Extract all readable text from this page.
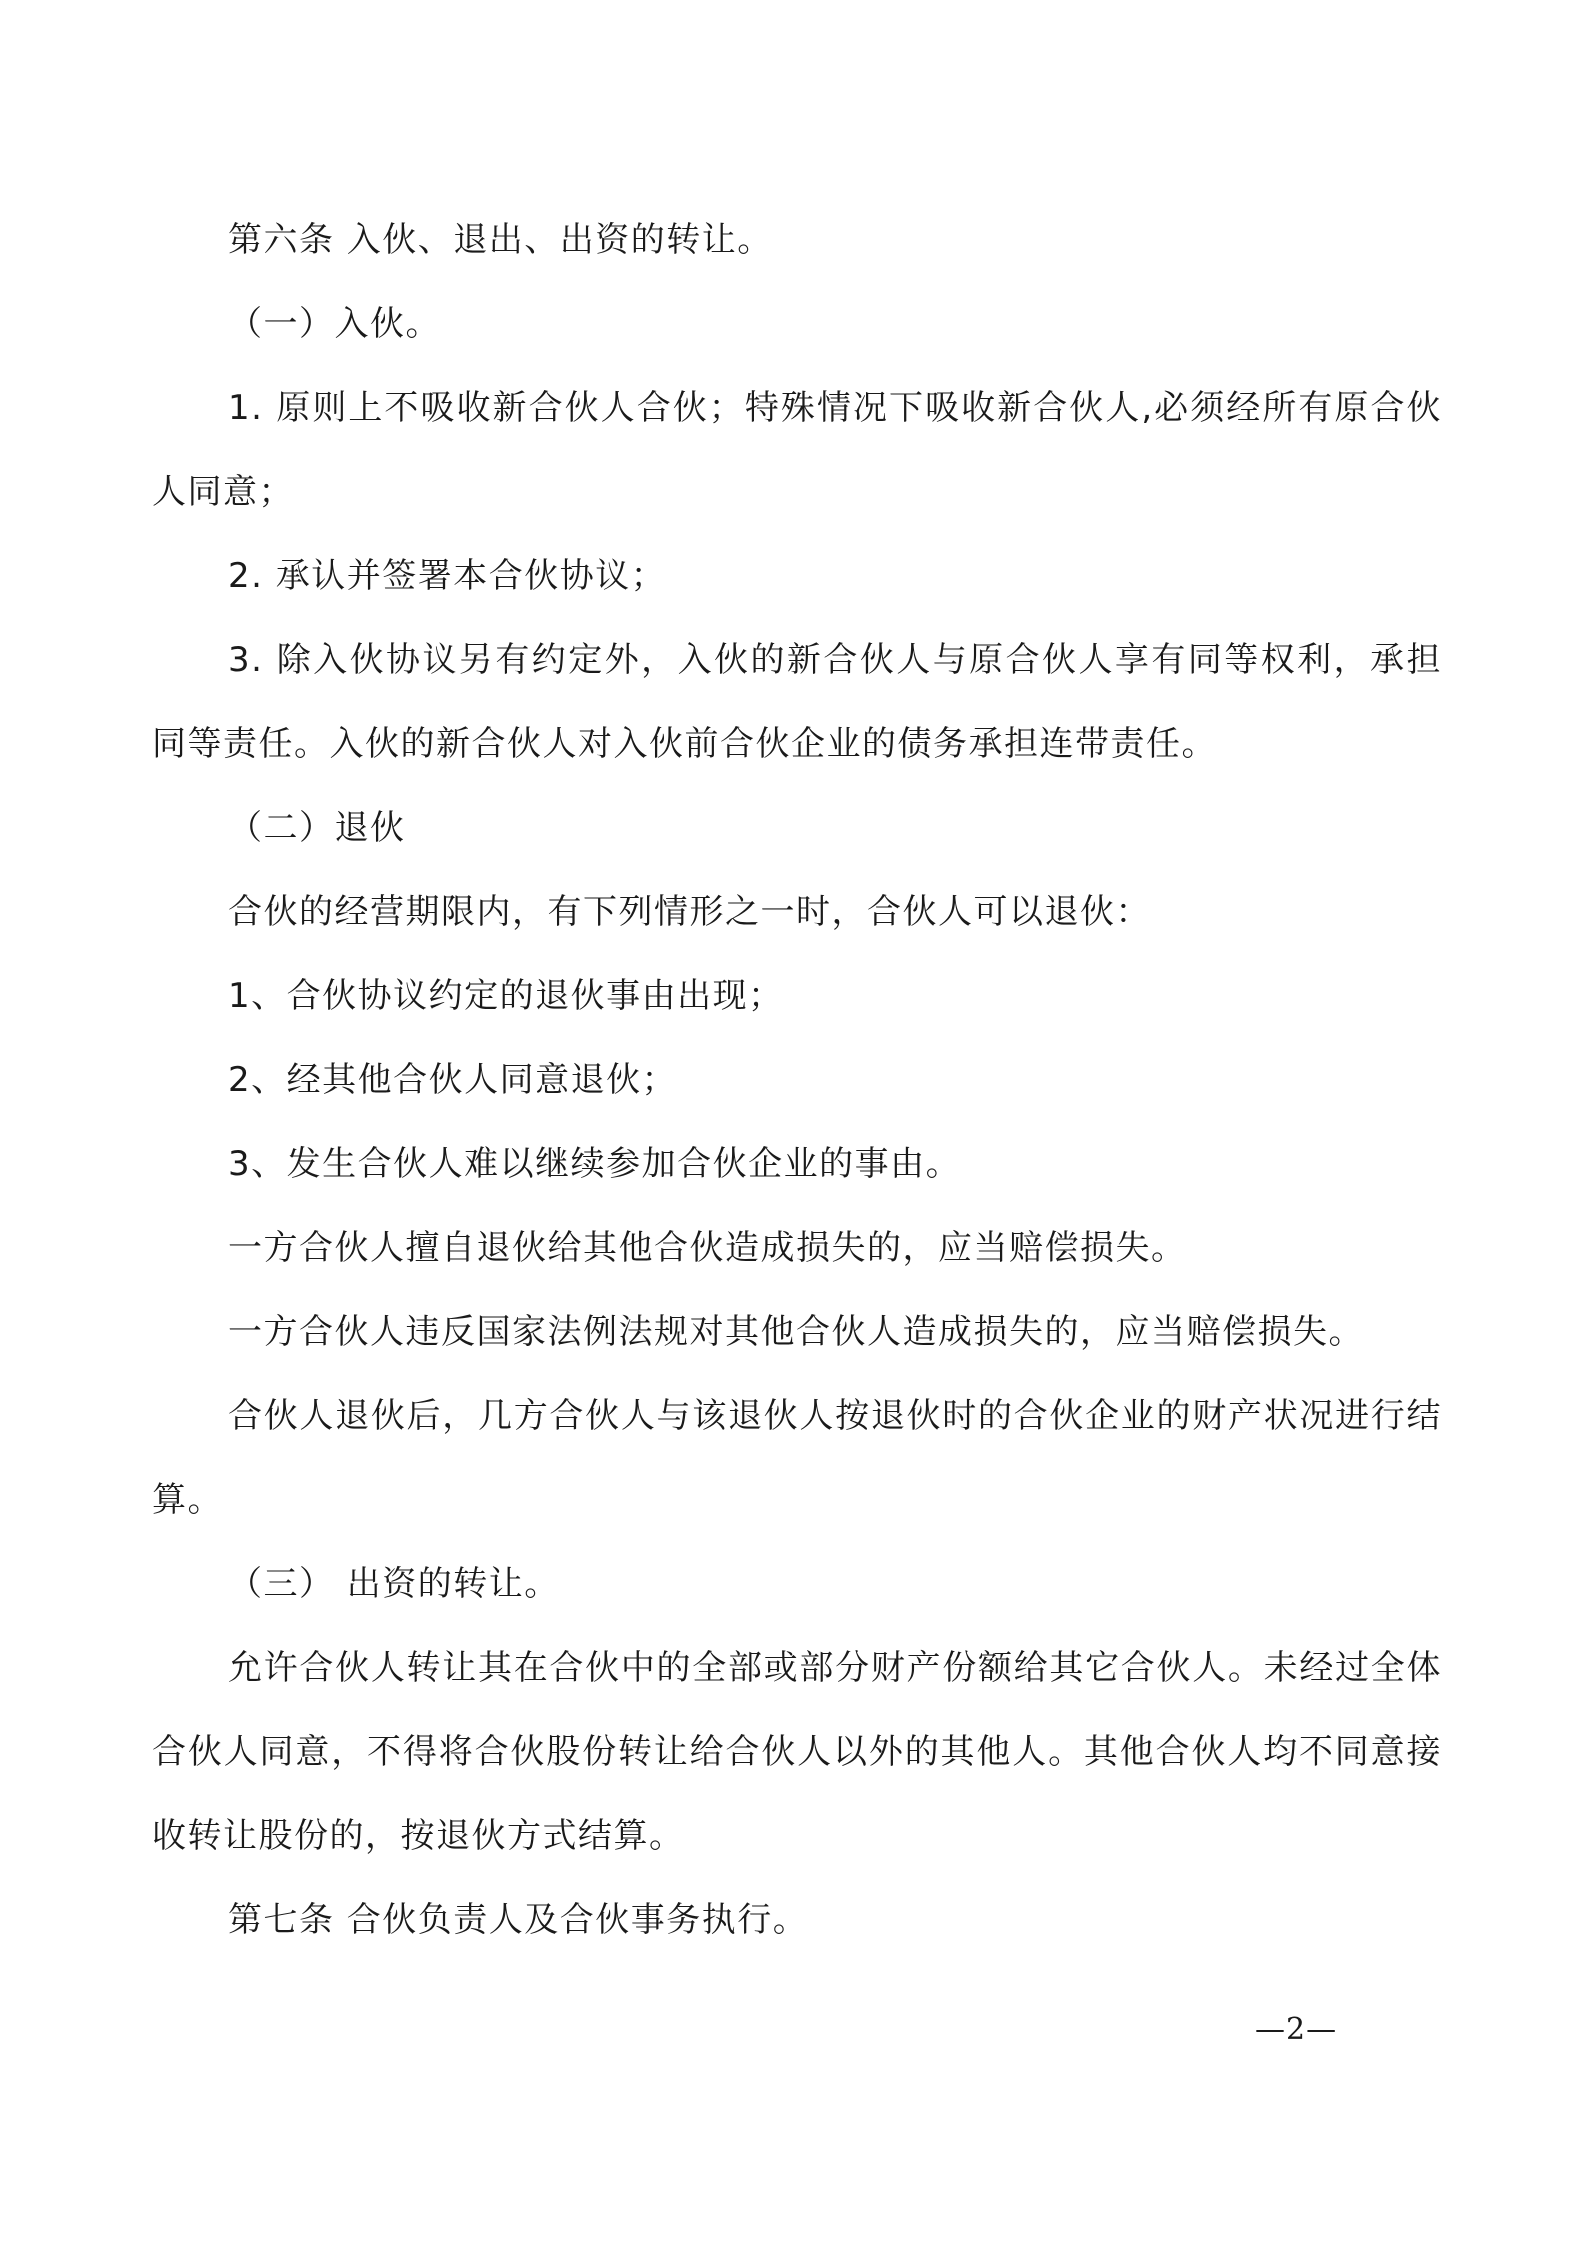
第六条 入伙、退出、出资的转让。

（一）入伙。

1. 原则上不吸收新合伙人合伙；特殊情况下吸收新合伙人,必须经所有原合伙人同意；

2. 承认并签署本合伙协议；

3. 除入伙协议另有约定外，入伙的新合伙人与原合伙人享有同等权利，承担同等责任。入伙的新合伙人对入伙前合伙企业的债务承担连带责任。

（二）退伙

合伙的经营期限内，有下列情形之一时，合伙人可以退伙：

1、合伙协议约定的退伙事由出现；

2、经其他合伙人同意退伙；

3、发生合伙人难以继续参加合伙企业的事由。

一方合伙人擅自退伙给其他合伙造成损失的，应当赔偿损失。

一方合伙人违反国家法例法规对其他合伙人造成损失的，应当赔偿损失。

合伙人退伙后，几方合伙人与该退伙人按退伙时的合伙企业的财产状况进行结算。

（三） 出资的转让。

允许合伙人转让其在合伙中的全部或部分财产份额给其它合伙人。未经过全体合伙人同意，不得将合伙股份转让给合伙人以外的其他人。其他合伙人均不同意接收转让股份的，按退伙方式结算。

第七条 合伙负责人及合伙事务执行。

—2—
